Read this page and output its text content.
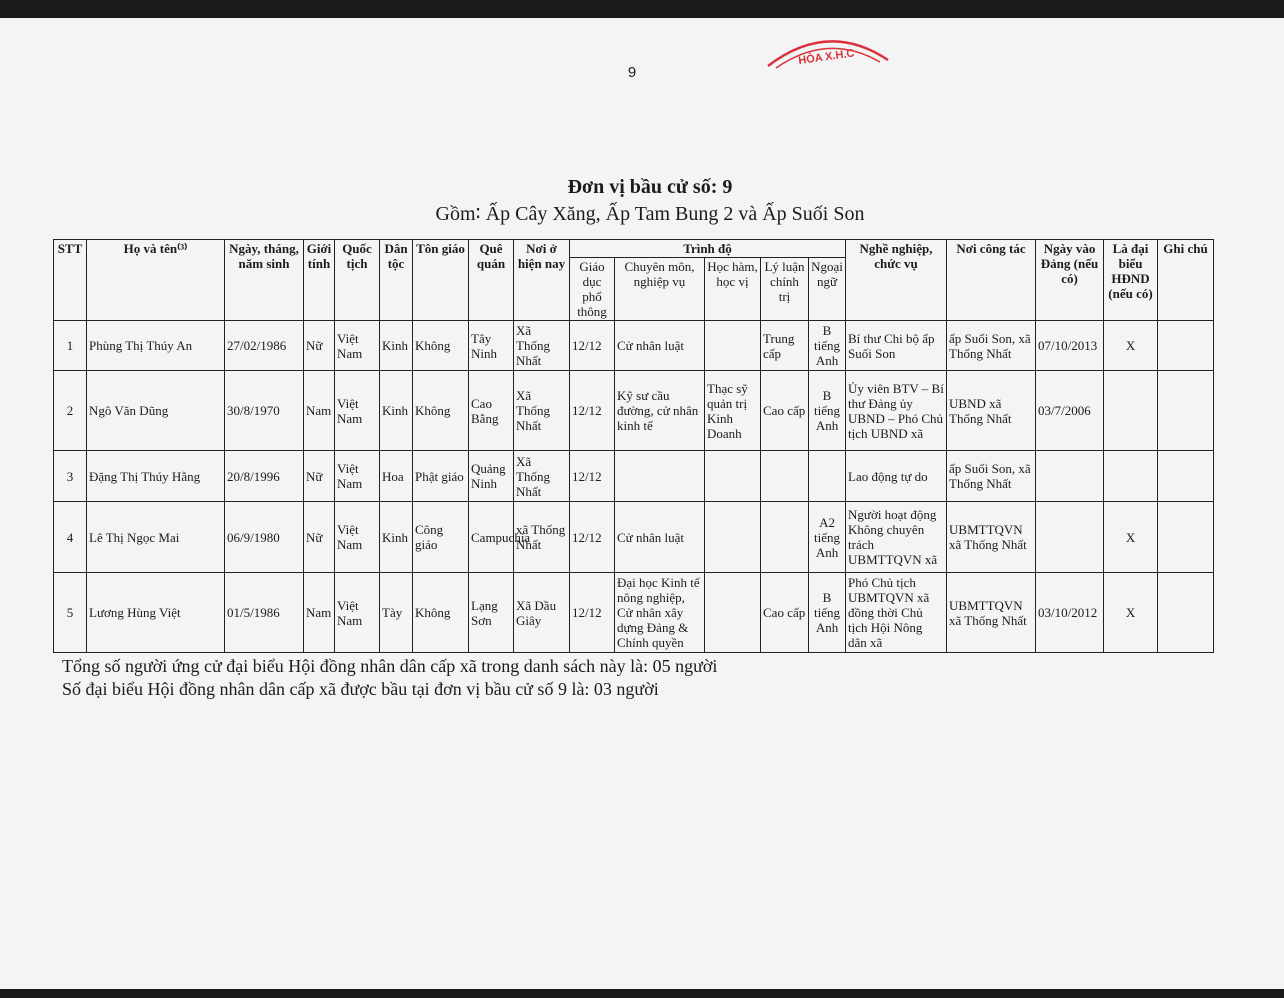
9
HÒA X.H.C
Đơn vị bầu cử số: 9
Gồm∶ Ấp Cây Xăng, Ấp Tam Bung 2 và Ấp Suối Son
STT	Họ và tên⁽³⁾	Ngày, tháng, năm sinh	Giới tính	Quốc tịch	Dân tộc	Tôn giáo	Quê quán	Nơi ở hiện nay	Trình độ					Nghề nghiệp, chức vụ	Nơi công tác	Ngày vào Đảng (nếu có)	Là đại biểu HĐND (nếu có)	Ghi chú
									Giáo dục phổ thông	Chuyên môn, nghiệp vụ	Học hàm, học vị	Lý luận chính trị	Ngoại ngữ					
1	Phùng Thị Thúy An	27/02/1986	Nữ	Việt Nam	Kinh	Không	Tây Ninh	Xã Thống Nhất	12/12	Cử nhân luật		Trung cấp	B tiếng Anh	Bí thư Chi bộ ấp Suối Son	ấp Suối Son, xã Thống Nhất	07/10/2013	X	
2	Ngô Văn Dũng	30/8/1970	Nam	Việt Nam	Kinh	Không	Cao Bằng	Xã Thống Nhất	12/12	Kỹ sư cầu đường, cử nhân kinh tế	Thạc sỹ quản trị Kinh Doanh	Cao cấp	B tiếng Anh	Ủy viên BTV – Bí thư Đảng ủy UBND – Phó Chủ tịch UBND xã	UBND xã Thống Nhất	03/7/2006		
3	Đặng Thị Thúy Hằng	20/8/1996	Nữ	Việt Nam	Hoa	Phật giáo	Quảng Ninh	Xã Thống Nhất	12/12					Lao động tự do	ấp Suối Son, xã Thống Nhất			
4	Lê Thị Ngọc Mai	06/9/1980	Nữ	Việt Nam	Kinh	Công giáo	Campuchia	xã Thống Nhất	12/12	Cử nhân luật			A2 tiếng Anh	Người hoạt động Không chuyên trách UBMTTQVN xã	UBMTTQVN xã Thống Nhất		X	
5	Lương Hùng Việt	01/5/1986	Nam	Việt Nam	Tày	Không	Lạng Sơn	Xã Dầu Giây	12/12	Đại học Kinh tế nông nghiệp, Cử nhân xây dựng Đảng & Chính quyền		Cao cấp	B tiếng Anh	Phó Chủ tịch UBMTQVN xã đồng thời Chủ tịch Hội Nông dân xã	UBMTTQVN xã Thống Nhất	03/10/2012	X	
Tổng số người ứng cử đại biểu Hội đồng nhân dân cấp xã trong danh sách này là: 05 người
Số đại biểu Hội đồng nhân dân cấp xã được bầu tại đơn vị bầu cử số 9 là: 03 người
